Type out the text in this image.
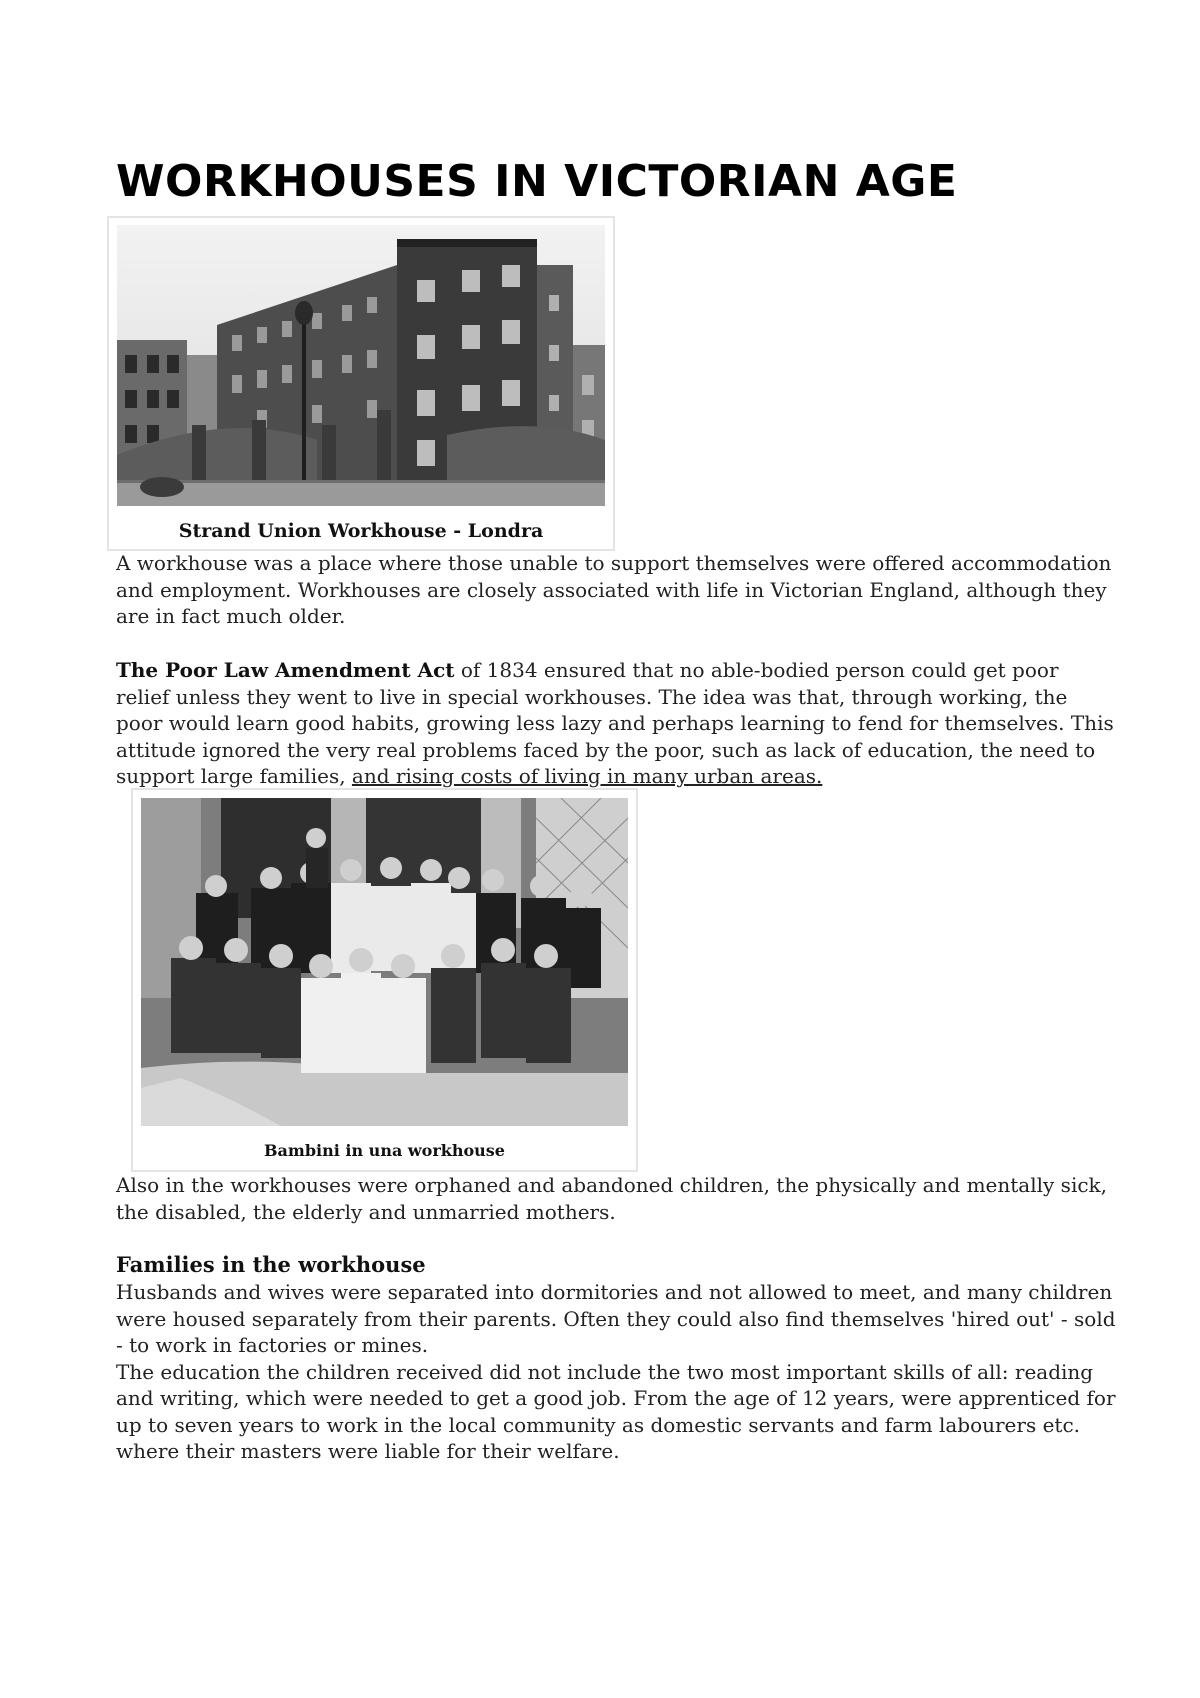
WORKHOUSES IN VICTORIAN AGE
Strand Union Workhouse - Londra

A workhouse was a place where those unable to support themselves were offered accommodation and employment. Workhouses are closely associated with life in Victorian England, although they are in fact much older.

The Poor Law Amendment Act of 1834 ensured that no able-bodied person could get poor relief unless they went to live in special workhouses. The idea was that, through working, the poor would learn good habits, growing less lazy and perhaps learning to fend for themselves. This attitude ignored the very real problems faced by the poor, such as lack of education, the need to support large families, and rising costs of living in many urban areas.

Bambini in una workhouse

Also in the workhouses were orphaned and abandoned children, the physically and mentally sick, the disabled, the elderly and unmarried mothers.

Families in the workhouse

Husbands and wives were separated into dormitories and not allowed to meet, and many children were housed separately from their parents. Often they could also find themselves 'hired out' - sold - to work in factories or mines.
The education the children received did not include the two most important skills of all: reading and writing, which were needed to get a good job. From the age of 12 years, were apprenticed for up to seven years to work in the local community as domestic servants and farm labourers etc. where their masters were liable for their welfare.
